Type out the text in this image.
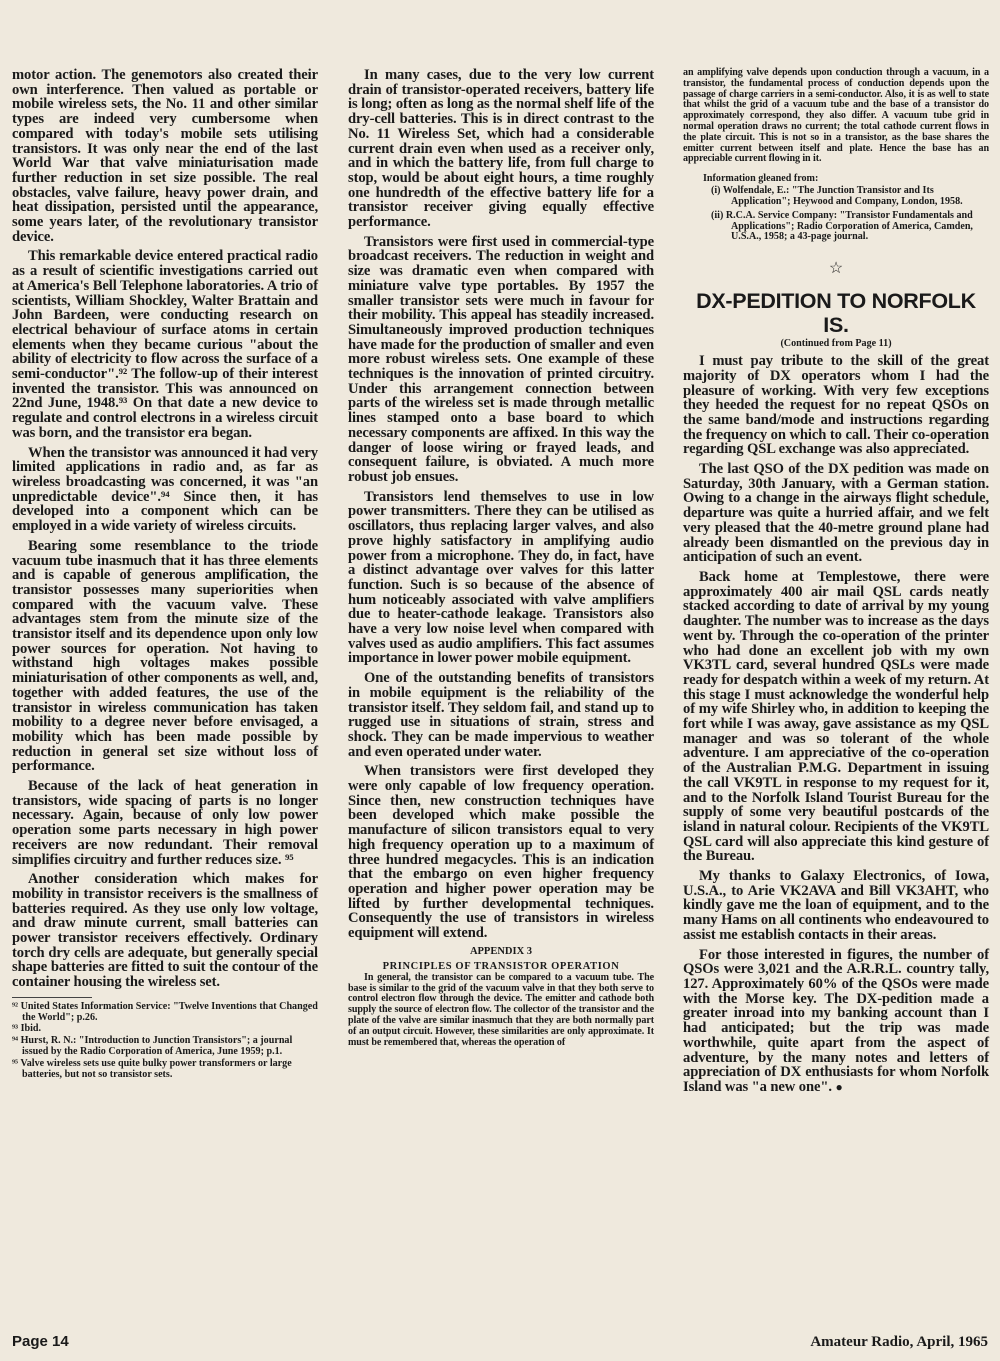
motor action. The genemotors also created their own interference. Then valued as portable or mobile wireless sets, the No. 11 and other similar types are indeed very cumbersome when compared with today's mobile sets utilising transistors. It was only near the end of the last World War that valve miniaturisation made further reduction in set size possible. The real obstacles, valve failure, heavy power drain, and heat dissipation, persisted until the appearance, some years later, of the revolutionary transistor device.

This remarkable device entered practical radio as a result of scientific investigations carried out at America's Bell Telephone laboratories. A trio of scientists, William Shockley, Walter Brattain and John Bardeen, were conducting research on electrical behaviour of surface atoms in certain elements when they became curious "about the ability of electricity to flow across the surface of a semi-conductor".⁹² The follow-up of their interest invented the transistor. This was announced on 22nd June, 1948.⁹³ On that date a new device to regulate and control electrons in a wireless circuit was born, and the transistor era began.

When the transistor was announced it had very limited applications in radio and, as far as wireless broadcasting was concerned, it was "an unpredictable device".⁹⁴ Since then, it has developed into a component which can be employed in a wide variety of wireless circuits.

Bearing some resemblance to the triode vacuum tube inasmuch that it has three elements and is capable of generous amplification, the transistor possesses many superiorities when compared with the vacuum valve. These advantages stem from the minute size of the transistor itself and its dependence upon only low power sources for operation. Not having to withstand high voltages makes possible miniaturisation of other components as well, and, together with added features, the use of the transistor in wireless communication has taken mobility to a degree never before envisaged, a mobility which has been made possible by reduction in general set size without loss of performance.

Because of the lack of heat generation in transistors, wide spacing of parts is no longer necessary. Again, because of only low power operation some parts necessary in high power receivers are now redundant. Their removal simplifies circuitry and further reduces size. ⁹⁵

Another consideration which makes for mobility in transistor receivers is the smallness of batteries required. As they use only low voltage, and draw minute current, small batteries can power transistor receivers effectively. Ordinary torch dry cells are adequate, but generally special shape batteries are fitted to suit the contour of the container housing the wireless set.

⁹² United States Information Service: "Twelve Inventions that Changed the World"; p.26.

⁹³ Ibid.

⁹⁴ Hurst, R. N.: "Introduction to Junction Transistors"; a journal issued by the Radio Corporation of America, June 1959; p.1.

⁹⁵ Valve wireless sets use quite bulky power transformers or large batteries, but not so transistor sets.

In many cases, due to the very low current drain of transistor-operated receivers, battery life is long; often as long as the normal shelf life of the dry-cell batteries. This is in direct contrast to the No. 11 Wireless Set, which had a considerable current drain even when used as a receiver only, and in which the battery life, from full charge to stop, would be about eight hours, a time roughly one hundredth of the effective battery life for a transistor receiver giving equally effective performance.

Transistors were first used in commercial-type broadcast receivers. The reduction in weight and size was dramatic even when compared with miniature valve type portables. By 1957 the smaller transistor sets were much in favour for their mobility. This appeal has steadily increased. Simultaneously improved production techniques have made for the production of smaller and even more robust wireless sets. One example of these techniques is the innovation of printed circuitry. Under this arrangement connection between parts of the wireless set is made through metallic lines stamped onto a base board to which necessary components are affixed. In this way the danger of loose wiring or frayed leads, and consequent failure, is obviated. A much more robust job ensues.

Transistors lend themselves to use in low power transmitters. There they can be utilised as oscillators, thus replacing larger valves, and also prove highly satisfactory in amplifying audio power from a microphone. They do, in fact, have a distinct advantage over valves for this latter function. Such is so because of the absence of hum noticeably associated with valve amplifiers due to heater-cathode leakage. Transistors also have a very low noise level when compared with valves used as audio amplifiers. This fact assumes importance in lower power mobile equipment.

One of the outstanding benefits of transistors in mobile equipment is the reliability of the transistor itself. They seldom fail, and stand up to rugged use in situations of strain, stress and shock. They can be made impervious to weather and even operated under water.

When transistors were first developed they were only capable of low frequency operation. Since then, new construction techniques have been developed which make possible the manufacture of silicon transistors equal to very high frequency operation up to a maximum of three hundred megacycles. This is an indication that the embargo on even higher frequency operation and higher power operation may be lifted by further developmental techniques. Consequently the use of transistors in wireless equipment will extend.

APPENDIX 3
PRINCIPLES OF TRANSISTOR OPERATION

In general, the transistor can be compared to a vacuum tube. The base is similar to the grid of the vacuum valve in that they both serve to control electron flow through the device. The emitter and cathode both supply the source of electron flow. The collector of the transistor and the plate of the valve are similar inasmuch that they are both normally part of an output circuit. However, these similarities are only approximate. It must be remembered that, whereas the operation of

an amplifying valve depends upon conduction through a vacuum, in a transistor, the fundamental process of conduction depends upon the passage of charge carriers in a semi-conductor. Also, it is as well to state that whilst the grid of a vacuum tube and the base of a transistor do approximately correspond, they also differ. A vacuum tube grid in normal operation draws no current; the total cathode current flows in the plate circuit. This is not so in a transistor, as the base shares the emitter current between itself and plate. Hence the base has an appreciable current flowing in it.

Information gleaned from:
(i) Wolfendale, E.: "The Junction Transistor and Its Application"; Heywood and Company, London, 1958.
(ii) R.C.A. Service Company: "Transistor Fundamentals and Applications"; Radio Corporation of America, Camden, U.S.A., 1958; a 43-page journal.
☆
DX-PEDITION TO NORFOLK IS.
(Continued from Page 11)

I must pay tribute to the skill of the great majority of DX operators whom I had the pleasure of working. With very few exceptions they heeded the request for no repeat QSOs on the same band/mode and instructions regarding the frequency on which to call. Their co-operation regarding QSL exchange was also appreciated.

The last QSO of the DX pedition was made on Saturday, 30th January, with a German station. Owing to a change in the airways flight schedule, departure was quite a hurried affair, and we felt very pleased that the 40-metre ground plane had already been dismantled on the previous day in anticipation of such an event.

Back home at Templestowe, there were approximately 400 air mail QSL cards neatly stacked according to date of arrival by my young daughter. The number was to increase as the days went by. Through the co-operation of the printer who had done an excellent job with my own VK3TL card, several hundred QSLs were made ready for despatch within a week of my return. At this stage I must acknowledge the wonderful help of my wife Shirley who, in addition to keeping the fort while I was away, gave assistance as my QSL manager and was so tolerant of the whole adventure. I am appreciative of the co-operation of the Australian P.M.G. Department in issuing the call VK9TL in response to my request for it, and to the Norfolk Island Tourist Bureau for the supply of some very beautiful postcards of the island in natural colour. Recipients of the VK9TL QSL card will also appreciate this kind gesture of the Bureau.

My thanks to Galaxy Electronics, of Iowa, U.S.A., to Arie VK2AVA and Bill VK3AHT, who kindly gave me the loan of equipment, and to the many Hams on all continents who endeavoured to assist me establish contacts in their areas.

For those interested in figures, the number of QSOs were 3,021 and the A.R.R.L. country tally, 127. Approximately 60% of the QSOs were made with the Morse key. The DX-pedition made a greater inroad into my banking account than I had anticipated; but the trip was made worthwhile, quite apart from the aspect of adventure, by the many notes and letters of appreciation of DX enthusiasts for whom Norfolk Island was "a new one". ●

Page 14	Amateur Radio, April, 1965
